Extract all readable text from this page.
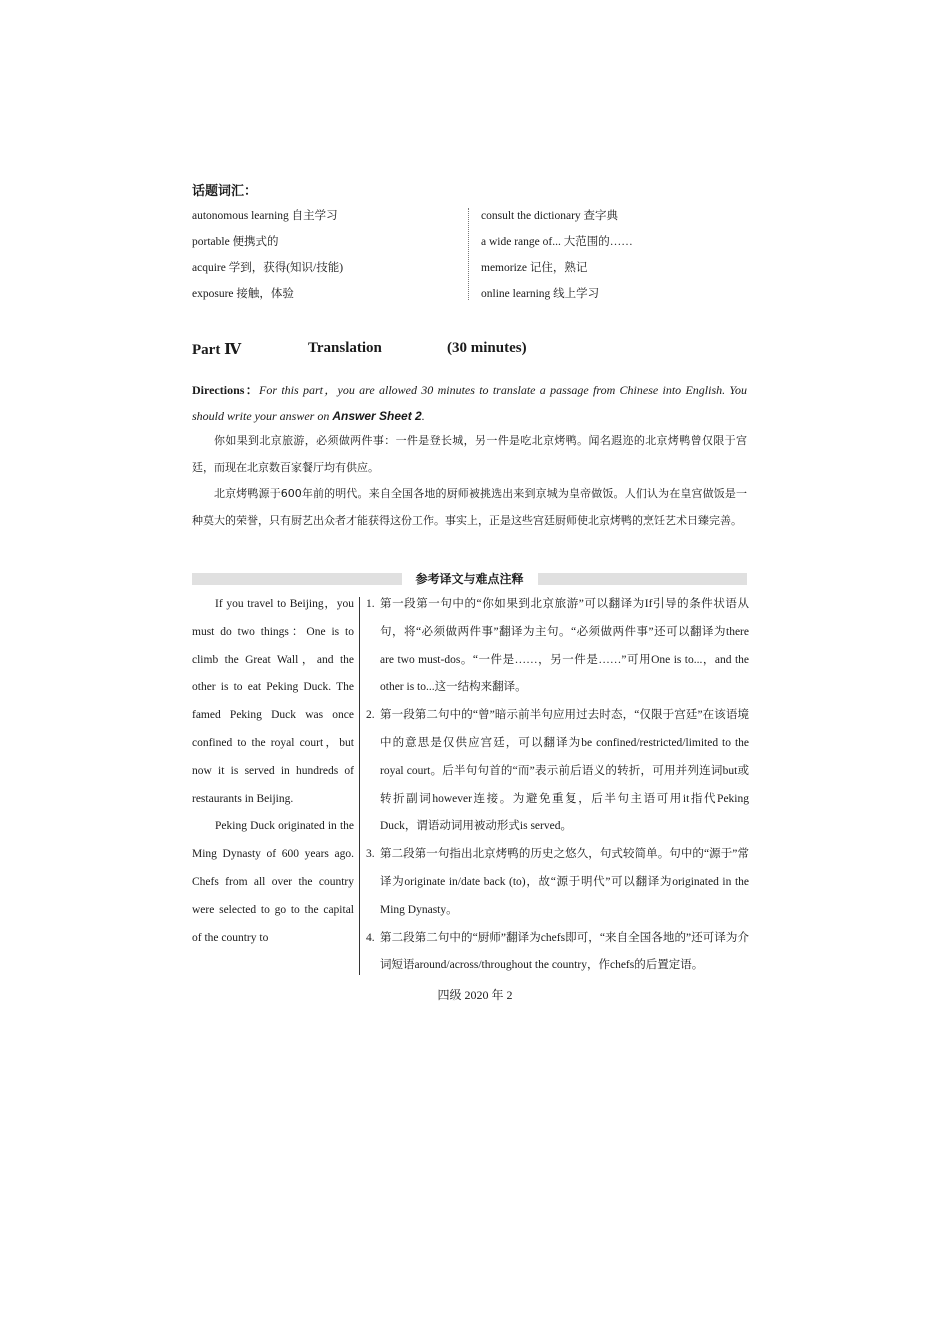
话题词汇：
autonomous learning 自主学习
portable 便携式的
acquire 学到，获得(知识/技能)
exposure 接触，体验
consult the dictionary 查字典
a wide range of... 大范围的……
memorize 记住，熟记
online learning 线上学习
Part Ⅳ	Translation	(30 minutes)
Directions：For this part，you are allowed 30 minutes to translate a passage from Chinese into English. You should write your answer on Answer Sheet 2.

你如果到北京旅游，必须做两件事：一件是登长城，另一件是吃北京烤鸭。闻名遐迩的北京烤鸭曾仅限于宫廷，而现在北京数百家餐厅均有供应。

北京烤鸭源于600年前的明代。来自全国各地的厨师被挑选出来到京城为皇帝做饭。人们认为在皇宫做饭是一种莫大的荣誉，只有厨艺出众者才能获得这份工作。事实上，正是这些宫廷厨师使北京烤鸭的烹饪艺术日臻完善。

参考译文与难点注释

If you travel to Beijing，you must do two things：One is to climb the Great Wall，and the other is to eat Peking Duck. The famed Peking Duck was once confined to the royal court，but now it is served in hundreds of restaurants in Beijing.

Peking Duck originated in the Ming Dynasty of 600 years ago. Chefs from all over the country were selected to go to the capital of the country to

1. 第一段第一句中的“你如果到北京旅游”可以翻译为If引导的条件状语从句，将“必须做两件事”翻译为主句。“必须做两件事”还可以翻译为there are two must-dos。“一件是……，另一件是……”可用One is to...，and the other is to...这一结构来翻译。
2. 第一段第二句中的“曾”暗示前半句应用过去时态，“仅限于宫廷”在该语境中的意思是仅供应宫廷，可以翻译为be confined/restricted/limited to the royal court。后半句句首的“而”表示前后语义的转折，可用并列连词but或转折副词however连接。为避免重复，后半句主语可用it指代Peking Duck，谓语动词用被动形式is served。
3. 第二段第一句指出北京烤鸭的历史之悠久，句式较简单。句中的“源于”常译为originate in/date back (to)，故“源于明代”可以翻译为originated in the Ming Dynasty。
4. 第二段第二句中的“厨师”翻译为chefs即可，“来自全国各地的”还可译为介词短语around/across/throughout the country，作chefs的后置定语。
四级 2020 年 2
